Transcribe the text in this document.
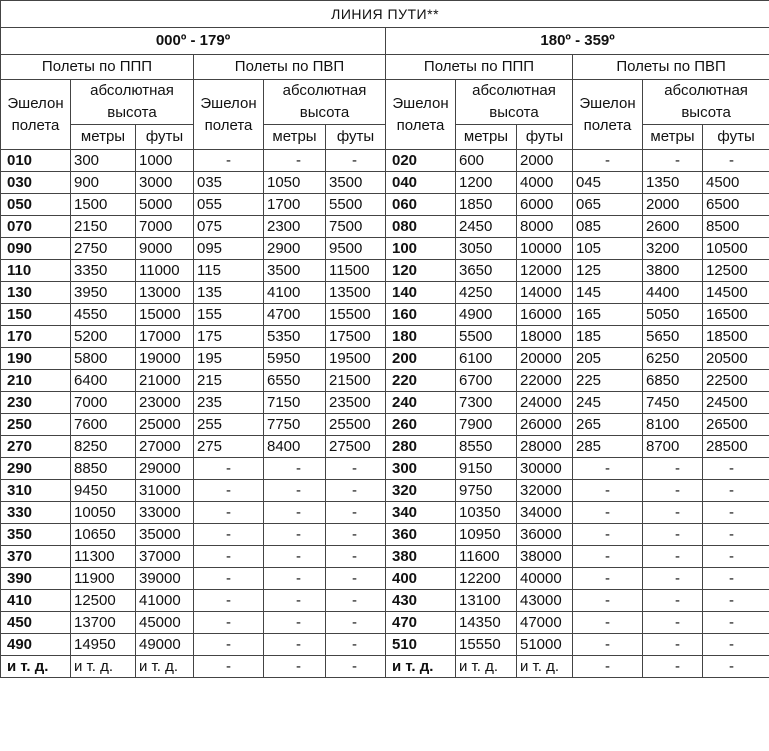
ЛИНИЯ ПУТИ**											
000º - 179º						180º - 359º					
Полеты по ППП			Полеты по ПВП			Полеты по ППП			Полеты по ПВП		
Эшелон полета	абсолютная высота		Эшелон полета	абсолютная высота		Эшелон полета	абсолютная высота		Эшелон полета	абсолютная высота	
	метры	футы		метры	футы		метры	футы		метры	футы
010	300	1000	-	-	-	020	600	2000	-	-	-
030	900	3000	035	1050	3500	040	1200	4000	045	1350	4500
050	1500	5000	055	1700	5500	060	1850	6000	065	2000	6500
070	2150	7000	075	2300	7500	080	2450	8000	085	2600	8500
090	2750	9000	095	2900	9500	100	3050	10000	105	3200	10500
110	3350	11000	115	3500	11500	120	3650	12000	125	3800	12500
130	3950	13000	135	4100	13500	140	4250	14000	145	4400	14500
150	4550	15000	155	4700	15500	160	4900	16000	165	5050	16500
170	5200	17000	175	5350	17500	180	5500	18000	185	5650	18500
190	5800	19000	195	5950	19500	200	6100	20000	205	6250	20500
210	6400	21000	215	6550	21500	220	6700	22000	225	6850	22500
230	7000	23000	235	7150	23500	240	7300	24000	245	7450	24500
250	7600	25000	255	7750	25500	260	7900	26000	265	8100	26500
270	8250	27000	275	8400	27500	280	8550	28000	285	8700	28500
290	8850	29000	-	-	-	300	9150	30000	-	-	-
310	9450	31000	-	-	-	320	9750	32000	-	-	-
330	10050	33000	-	-	-	340	10350	34000	-	-	-
350	10650	35000	-	-	-	360	10950	36000	-	-	-
370	11300	37000	-	-	-	380	11600	38000	-	-	-
390	11900	39000	-	-	-	400	12200	40000	-	-	-
410	12500	41000	-	-	-	430	13100	43000	-	-	-
450	13700	45000	-	-	-	470	14350	47000	-	-	-
490	14950	49000	-	-	-	510	15550	51000	-	-	-
и т. д.	и т. д.	и т. д.	-	-	-	и т. д.	и т. д.	и т. д.	-	-	-
